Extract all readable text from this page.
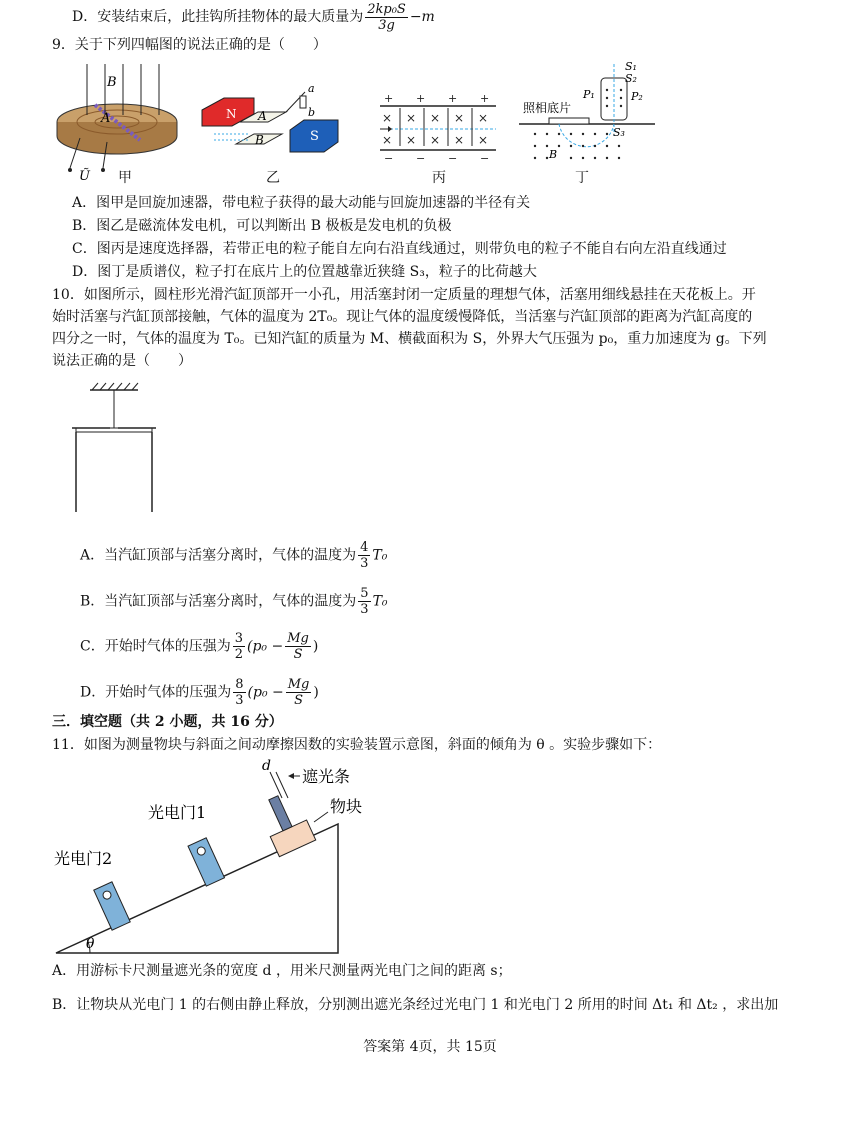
D．安装结束后，此挂钩所挂物体的最大质量为 $\frac{\text{2kp₀S}}{3g} -m$
9．关于下列四幅图的说法正确的是（　　）
B
A
Ũ
N A
B	S
a
b
+ + + +
− − − −
× × × × ×
× × × × ×
S₁
S₂
P₁	P₂
S₃
照相底片
B
甲	乙	丙	丁
A．图甲是回旋加速器，带电粒子获得的最大动能与回旋加速器的半径有关
B．图乙是磁流体发电机，可以判断出 B 极板是发电机的负极
C．图丙是速度选择器，若带正电的粒子能自左向右沿直线通过，则带负电的粒子不能自右向左沿直线通过
D．图丁是质谱仪，粒子打在底片上的位置越靠近狭缝 S₃，粒子的比荷越大
10．如图所示，圆柱形光滑汽缸顶部开一小孔，用活塞封闭一定质量的理想气体，活塞用细线悬挂在天花板上。开
始时活塞与汽缸顶部接触，气体的温度为 2T₀。现让气体的温度缓慢降低，当活塞与汽缸顶部的距离为汽缸高度的
四分之一时，气体的温度为 T₀。已知汽缸的质量为 M、横截面积为 S，外界大气压强为 p₀，重力加速度为 g。下列
说法正确的是（　　）
A．当汽缸顶部与活塞分离时，气体的温度为 $\frac{4}{3} T_0$
B．当汽缸顶部与活塞分离时，气体的温度为 $\frac{5}{3} T_0$
C．开始时气体的压强为 $\frac{3}{2} (p_0 - \frac{Mg}{S}$ )
D．开始时气体的压强为 $\frac{8}{3} (p_0 - \frac{Mg}{S}$ )
三．填空题（共 2 小题，共 16 分）
11．如图为测量物块与斜面之间动摩擦因数的实验装置示意图，斜面的倾角为 θ 。实验步骤如下：
θ
d
遮光条
物块
光电门1
光电门2
A．用游标卡尺测量遮光条的宽度 d ，用米尺测量两光电门之间的距离 s；
B．让物块从光电门 1 的右侧由静止释放，分别测出遮光条经过光电门 1 和光电门 2 所用的时间 Δt₁ 和 Δt₂ ，求出加
答案第 4页，共 15页
